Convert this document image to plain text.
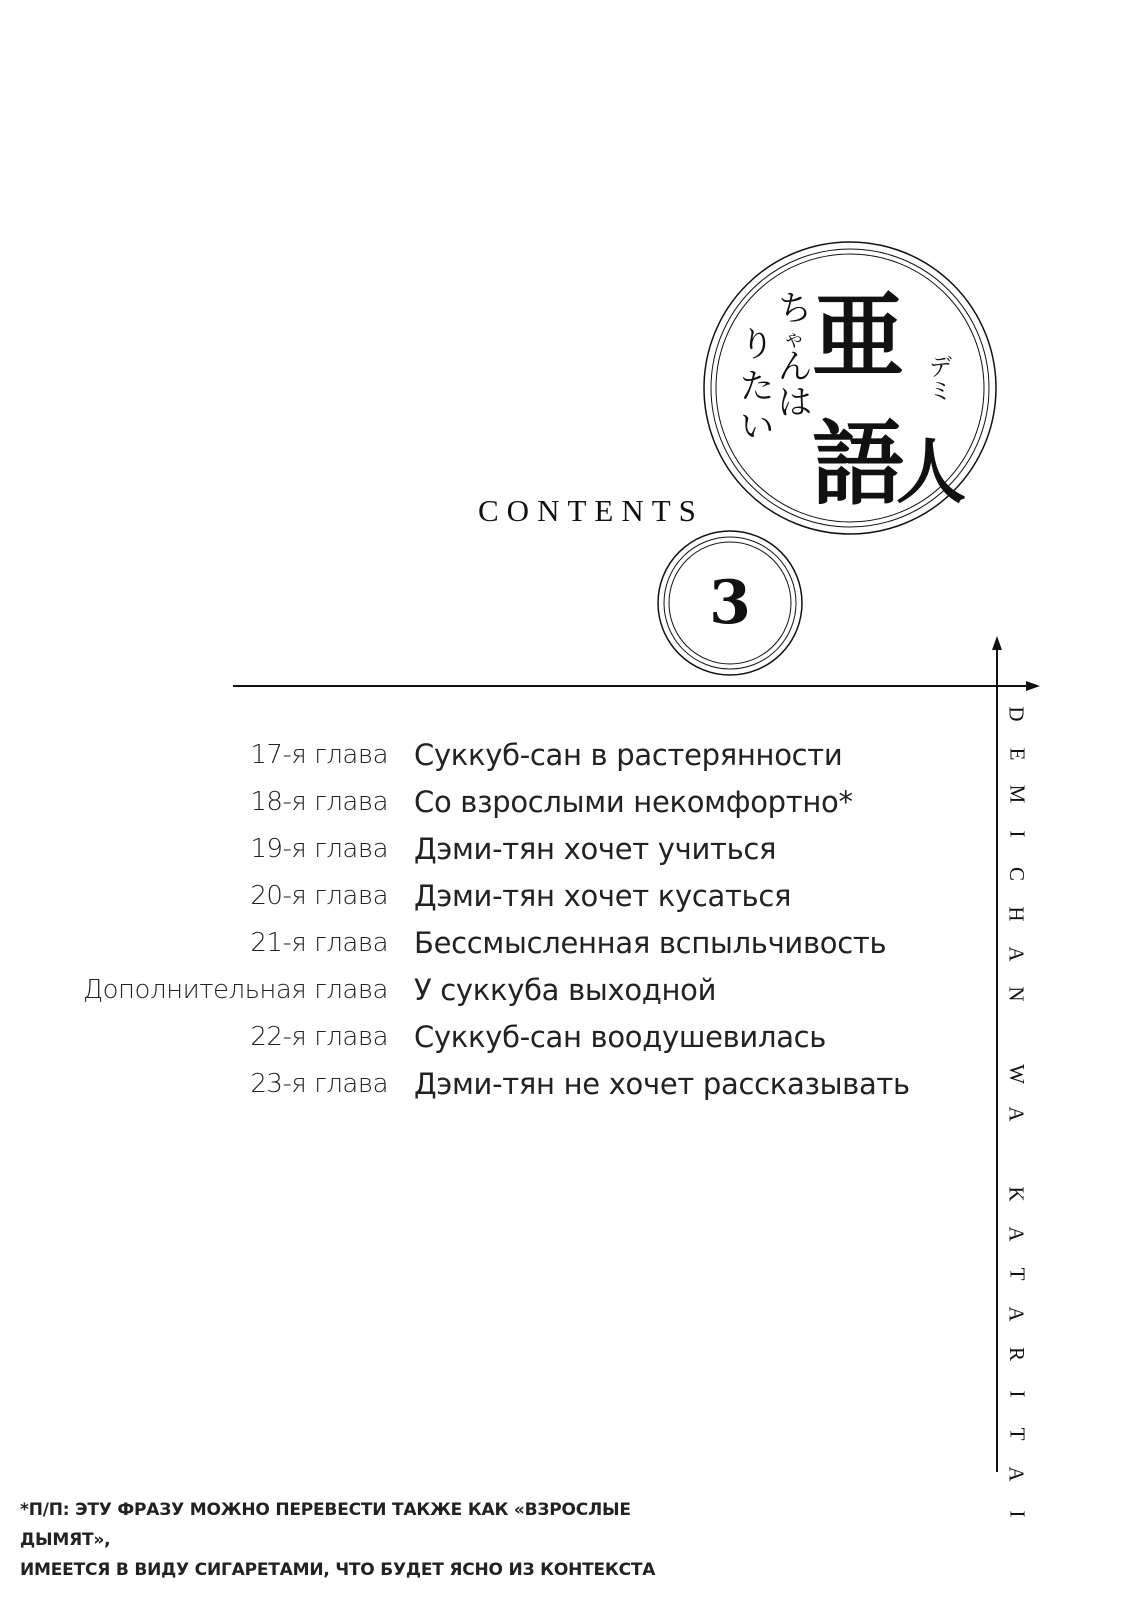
亜
語
人
ち
ゃ
ん
は
り
た
い
デミ
3
CONTENTS
D
E
M
I
C
H
A
N

W
A

K
A
T
A
R
I
T
A
I
17-я глава Суккуб-сан в растерянности
18-я глава Со взрослыми некомфортно*
19-я глава Дэми-тян хочет учиться
20-я глава Дэми-тян хочет кусаться
21-я глава Бессмысленная вспыльчивость
Дополнительная глава У суккуба выходной
22-я глава Суккуб-сан воодушевилась
23-я глава Дэми-тян не хочет рассказывать
*П/П: ЭТУ ФРАЗУ МОЖНО ПЕРЕВЕСТИ ТАКЖЕ КАК «ВЗРОСЛЫЕ ДЫМЯТ»,
ИМЕЕТСЯ В ВИДУ СИГАРЕТАМИ, ЧТО БУДЕТ ЯСНО ИЗ КОНТЕКСТА
